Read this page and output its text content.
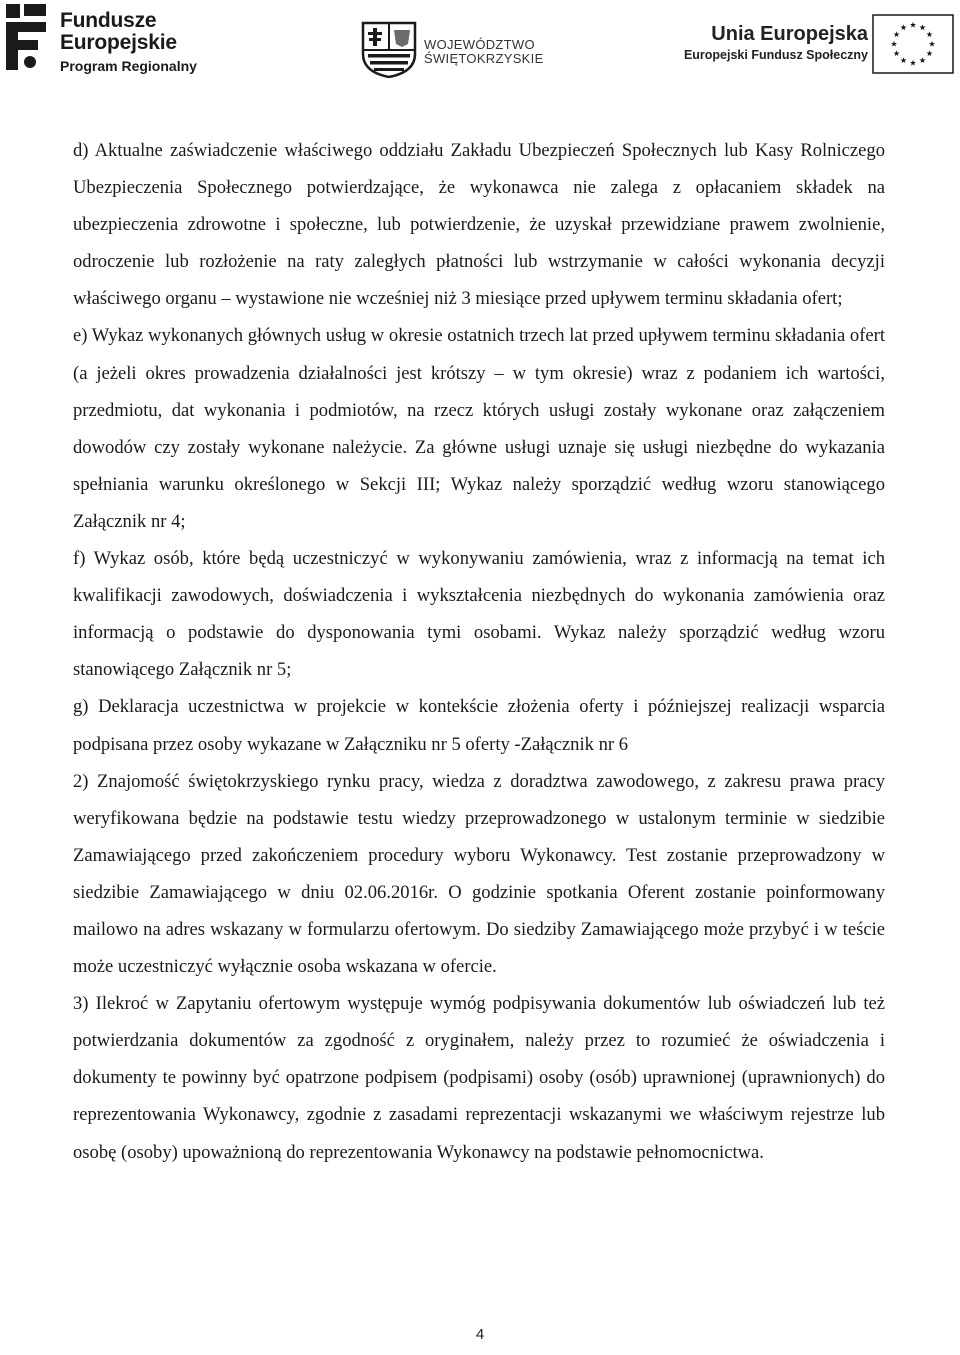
Fundusze
Europejskie
Program Regionalny
WOJEWÓDZTWO
ŚWIĘTOKRZYSKIE
Unia Europejska
Europejski Fundusz Społeczny

d) Aktualne zaświadczenie właściwego oddziału Zakładu Ubezpieczeń Społecznych lub Kasy Rolniczego Ubezpieczenia Społecznego potwierdzające, że wykonawca nie zalega z opłacaniem składek na ubezpieczenia zdrowotne i społeczne, lub potwierdzenie, że uzyskał przewidziane prawem zwolnienie, odroczenie lub rozłożenie na raty zaległych płatności lub wstrzymanie w całości wykonania decyzji właściwego organu – wystawione nie wcześniej niż 3 miesiące przed upływem terminu składania ofert;

e) Wykaz wykonanych głównych usług w okresie ostatnich trzech lat przed upływem terminu składania ofert (a jeżeli okres prowadzenia działalności jest krótszy – w tym okresie) wraz z podaniem ich wartości, przedmiotu, dat wykonania i podmiotów, na rzecz których usługi zostały wykonane oraz załączeniem dowodów czy zostały wykonane należycie. Za główne usługi uznaje się usługi niezbędne do wykazania spełniania warunku określonego w Sekcji III; Wykaz należy sporządzić według wzoru stanowiącego Załącznik nr 4;

f) Wykaz osób, które będą uczestniczyć w wykonywaniu zamówienia, wraz z informacją na temat ich kwalifikacji zawodowych, doświadczenia i wykształcenia niezbędnych do wykonania zamówienia oraz informacją o podstawie do dysponowania tymi osobami. Wykaz należy sporządzić według wzoru stanowiącego Załącznik nr 5;

g) Deklaracja uczestnictwa w projekcie w kontekście złożenia oferty i późniejszej realizacji wsparcia podpisana przez osoby wykazane w Załączniku nr 5 oferty -Załącznik nr 6

2) Znajomość świętokrzyskiego rynku pracy, wiedza z doradztwa zawodowego, z zakresu prawa pracy weryfikowana będzie na podstawie testu wiedzy przeprowadzonego w ustalonym terminie w siedzibie Zamawiającego przed zakończeniem procedury wyboru Wykonawcy. Test zostanie przeprowadzony w siedzibie Zamawiającego w dniu 02.06.2016r. O godzinie spotkania Oferent zostanie poinformowany mailowo na adres wskazany w formularzu ofertowym. Do siedziby Zamawiającego może przybyć i w teście może uczestniczyć wyłącznie osoba wskazana w ofercie.

3) Ilekroć w Zapytaniu ofertowym występuje wymóg podpisywania dokumentów lub oświadczeń lub też potwierdzania dokumentów za zgodność z oryginałem, należy przez to rozumieć że oświadczenia i dokumenty te powinny być opatrzone podpisem (podpisami) osoby (osób) uprawnionej (uprawnionych) do reprezentowania Wykonawcy, zgodnie z zasadami reprezentacji wskazanymi we właściwym rejestrze lub osobę (osoby) upoważnioną do reprezentowania Wykonawcy na podstawie pełnomocnictwa.

4
